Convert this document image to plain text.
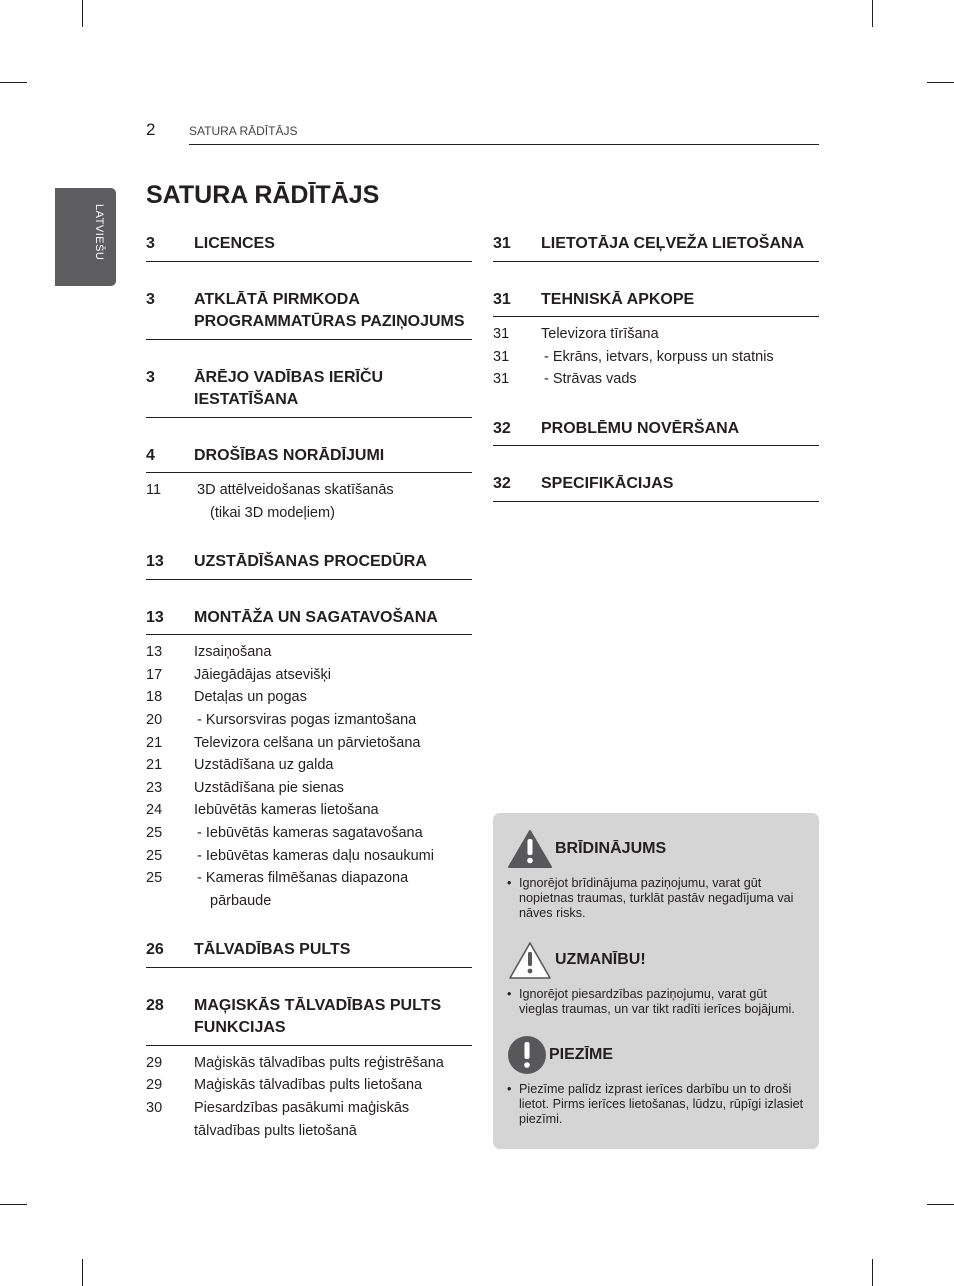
2	SATURA RĀDĪTĀJS
LATVIEŠU
SATURA RĀDĪTĀJS
3	LICENCES
3	ATKLĀTĀ PIRMKODA PROGRAMMATŪRAS PAZIŅOJUMS
3	ĀRĒJO VADĪBAS IERĪČU IESTATĪŠANA
4	DROŠĪBAS NORĀDĪJUMI
11	3D attēlveidošanas skatīšanās
(tikai 3D modeļiem)
13	UZSTĀDĪŠANAS PROCEDŪRA
13	MONTĀŽA UN SAGATAVOŠANA
13	Izsaiņošana
17	Jāiegādājas atsevišķi
18	Detaļas un pogas
20	- Kursorsviras pogas izmantošana
21	Televizora celšana un pārvietošana
21	Uzstādīšana uz galda
23	Uzstādīšana pie sienas
24	Iebūvētās kameras lietošana
25	- Iebūvētās kameras sagatavošana
25	- Iebūvētas kameras daļu nosaukumi
25	- Kameras filmēšanas diapazona
pārbaude
26	TĀLVADĪBAS PULTS
28	MAĢISKĀS TĀLVADĪBAS PULTS FUNKCIJAS
29	Maģiskās tālvadības pults reģistrēšana
29	Maģiskās tālvadības pults lietošana
30	Piesardzības pasākumi maģiskās
tālvadības pults lietošanā
31	LIETOTĀJA CEĻVEŽA LIETOŠANA
31	TEHNISKĀ APKOPE
31	Televizora tīrīšana
31	- Ekrāns, ietvars, korpuss un statnis
31	- Strāvas vads
32	PROBLĒMU NOVĒRŠANA
32	SPECIFIKĀCIJAS
BRĪDINĀJUMS
• Ignorējot brīdinājuma paziņojumu, varat gūt nopietnas traumas, turklāt pastāv negadījuma vai nāves risks.
UZMANĪBU!
• Ignorējot piesardzības paziņojumu, varat gūt vieglas traumas, un var tikt radīti ierīces bojājumi.
PIEZĪME
• Piezīme palīdz izprast ierīces darbību un to droši lietot. Pirms ierīces lietošanas, lūdzu, rūpīgi izlasiet piezīmi.
